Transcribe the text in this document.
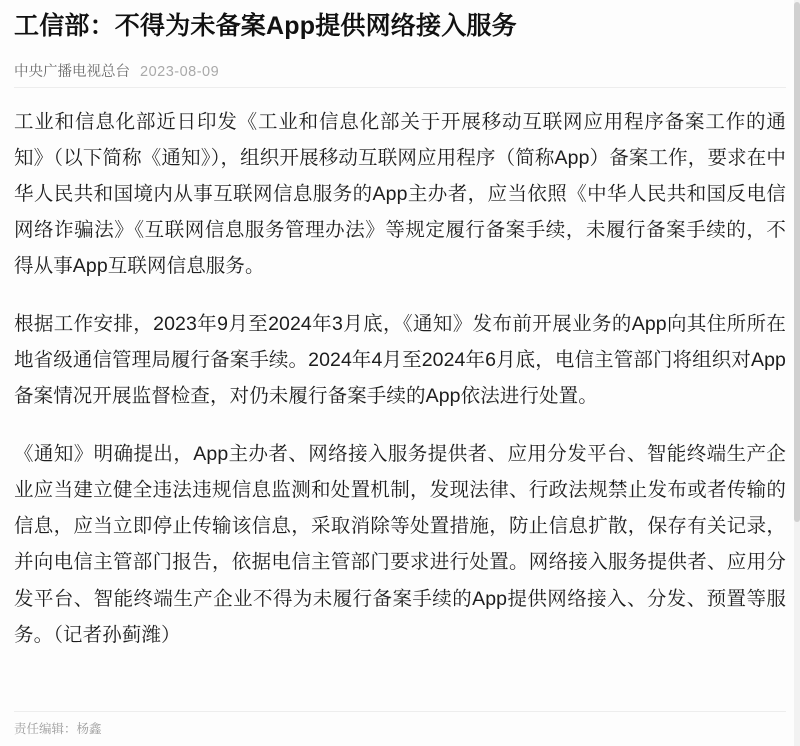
工信部：不得为未备案App提供网络接入服务
中央广播电视总台 2023-08-09

工业和信息化部近日印发《工业和信息化部关于开展移动互联网应用程序备案工作的通知》（以下简称《通知》），组织开展移动互联网应用程序（简称App）备案工作，要求在中华人民共和国境内从事互联网信息服务的App主办者，应当依照《中华人民共和国反电信网络诈骗法》《互联网信息服务管理办法》等规定履行备案手续，未履行备案手续的，不得从事App互联网信息服务。

根据工作安排，2023年9月至2024年3月底，《通知》发布前开展业务的App向其住所所在地省级通信管理局履行备案手续。2024年4月至2024年6月底，电信主管部门将组织对App备案情况开展监督检查，对仍未履行备案手续的App依法进行处置。

《通知》明确提出，App主办者、网络接入服务提供者、应用分发平台、智能终端生产企业应当建立健全违法违规信息监测和处置机制，发现法律、行政法规禁止发布或者传输的信息，应当立即停止传输该信息，采取消除等处置措施，防止信息扩散，保存有关记录，并向电信主管部门报告，依据电信主管部门要求进行处置。网络接入服务提供者、应用分发平台、智能终端生产企业不得为未履行备案手续的App提供网络接入、分发、预置等服务。（记者孙蓟潍）

责任编辑：杨鑫
